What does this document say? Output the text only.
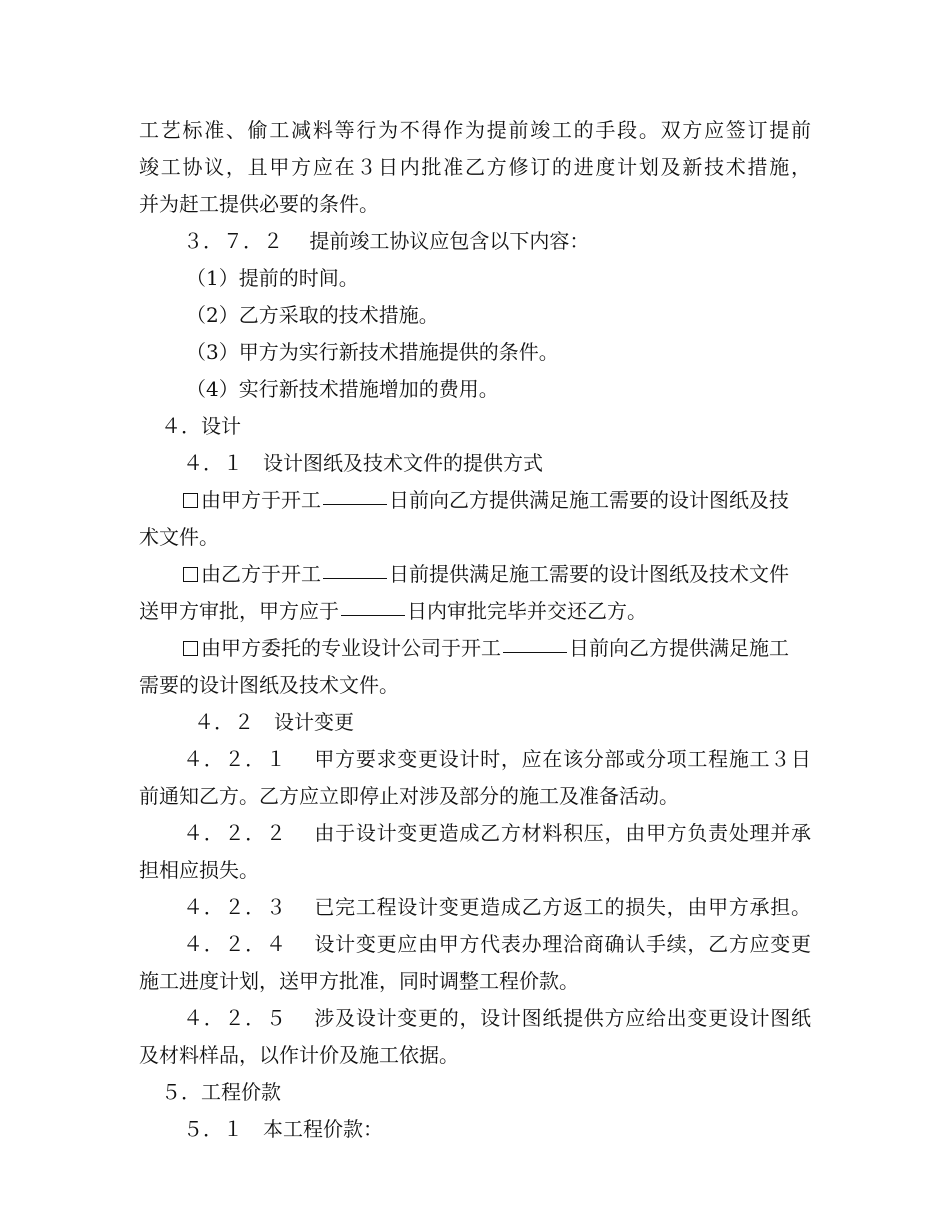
工艺标准、偷工减料等行为不得作为提前竣工的手段。双方应签订提前
竣工协议，且甲方应在３日内批准乙方修订的进度计划及新技术措施，
并为赶工提供必要的条件。
３．７．２　 提前竣工协议应包含以下内容：
（1）提前的时间。
（2）乙方采取的技术措施。
（3）甲方为实行新技术措施提供的条件。
（4）实行新技术措施增加的费用。
４．设计
４．１　设计图纸及技术文件的提供方式
由甲方于开工	日前向乙方提供满足施工需要的设计图纸及技
术文件。
由乙方于开工	日前提供满足施工需要的设计图纸及技术文件
送甲方审批，甲方应于	日内审批完毕并交还乙方。
由甲方委托的专业设计公司于开工	日前向乙方提供满足施工
需要的设计图纸及技术文件。
４．２　设计变更
４．２．１　 甲方要求变更设计时，应在该分部或分项工程施工３日
前通知乙方。乙方应立即停止对涉及部分的施工及准备活动。
４．２．２　 由于设计变更造成乙方材料积压，由甲方负责处理并承
担相应损失。
４．２．３　 已完工程设计变更造成乙方返工的损失，由甲方承担。
４．２．４　 设计变更应由甲方代表办理洽商确认手续，乙方应变更
施工进度计划，送甲方批准，同时调整工程价款。
４．２．５　 涉及设计变更的，设计图纸提供方应给出变更设计图纸
及材料样品，以作计价及施工依据。
５．工程价款
５．１　本工程价款：
